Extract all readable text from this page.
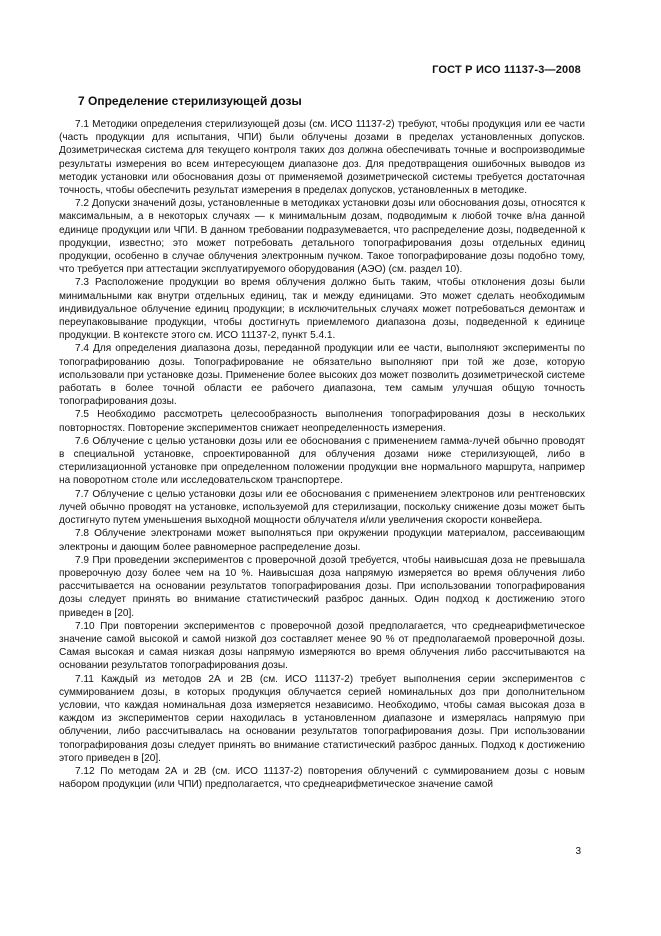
ГОСТ Р ИСО 11137-3—2008
7 Определение стерилизующей дозы

7.1 Методики определения стерилизующей дозы (см. ИСО 11137-2) требуют, чтобы продукция или ее части (часть продукции для испытания, ЧПИ) были облучены дозами в пределах установленных допусков. Дозиметрическая система для текущего контроля таких доз должна обеспечивать точные и воспроизводимые результаты измерения во всем интересующем диапазоне доз. Для предотвращения ошибочных выводов из методик установки или обоснования дозы от применяемой дозиметрической системы требуется достаточная точность, чтобы обеспечить результат измерения в пределах допусков, установленных в методике.

7.2 Допуски значений дозы, установленные в методиках установки дозы или обоснования дозы, относятся к максимальным, а в некоторых случаях — к минимальным дозам, подводимым к любой точке в/на данной единице продукции или ЧПИ. В данном требовании подразумевается, что распределение дозы, подведенной к продукции, известно; это может потребовать детального топографирования дозы отдельных единиц продукции, особенно в случае облучения электронным пучком. Такое топографирование дозы подобно тому, что требуется при аттестации эксплуатируемого оборудования (АЭО) (см. раздел 10).

7.3 Расположение продукции во время облучения должно быть таким, чтобы отклонения дозы были минимальными как внутри отдельных единиц, так и между единицами. Это может сделать необходимым индивидуальное облучение единиц продукции; в исключительных случаях может потребоваться демонтаж и переупаковывание продукции, чтобы достигнуть приемлемого диапазона дозы, подведенной к единице продукции. В контексте этого см. ИСО 11137-2, пункт 5.4.1.

7.4 Для определения диапазона дозы, переданной продукции или ее части, выполняют эксперименты по топографированию дозы. Топографирование не обязательно выполняют при той же дозе, которую использовали при установке дозы. Применение более высоких доз может позволить дозиметрической системе работать в более точной области ее рабочего диапазона, тем самым улучшая общую точность топографирования дозы.

7.5 Необходимо рассмотреть целесообразность выполнения топографирования дозы в нескольких повторностях. Повторение экспериментов снижает неопределенность измерения.

7.6 Облучение с целью установки дозы или ее обоснования с применением гамма-лучей обычно проводят в специальной установке, спроектированной для облучения дозами ниже стерилизующей, либо в стерилизационной установке при определенном положении продукции вне нормального маршрута, например на поворотном столе или исследовательском транспортере.

7.7 Облучение с целью установки дозы или ее обоснования с применением электронов или рентгеновских лучей обычно проводят на установке, используемой для стерилизации, поскольку снижение дозы может быть достигнуто путем уменьшения выходной мощности облучателя и/или увеличения скорости конвейера.

7.8 Облучение электронами может выполняться при окружении продукции материалом, рассеивающим электроны и дающим более равномерное распределение дозы.

7.9 При проведении экспериментов с проверочной дозой требуется, чтобы наивысшая доза не превышала проверочную дозу более чем на 10 %. Наивысшая доза напрямую измеряется во время облучения либо рассчитывается на основании результатов топографирования дозы. При использовании топографирования дозы следует принять во внимание статистический разброс данных. Один подход к достижению этого приведен в [20].

7.10 При повторении экспериментов с проверочной дозой предполагается, что среднеарифметическое значение самой высокой и самой низкой доз составляет менее 90 % от предполагаемой проверочной дозы. Самая высокая и самая низкая дозы напрямую измеряются во время облучения либо рассчитываются на основании результатов топографирования дозы.

7.11 Каждый из методов 2А и 2В (см. ИСО 11137-2) требует выполнения серии экспериментов с суммированием дозы, в которых продукция облучается серией номинальных доз при дополнительном условии, что каждая номинальная доза измеряется независимо. Необходимо, чтобы самая высокая доза в каждом из экспериментов серии находилась в установленном диапазоне и измерялась напрямую при облучении, либо рассчитывалась на основании результатов топографирования дозы. При использовании топографирования дозы следует принять во внимание статистический разброс данных. Подход к достижению этого приведен в [20].

7.12 По методам 2А и 2В (см. ИСО 11137-2) повторения облучений с суммированием дозы с новым набором продукции (или ЧПИ) предполагается, что среднеарифметическое значение самой

3
